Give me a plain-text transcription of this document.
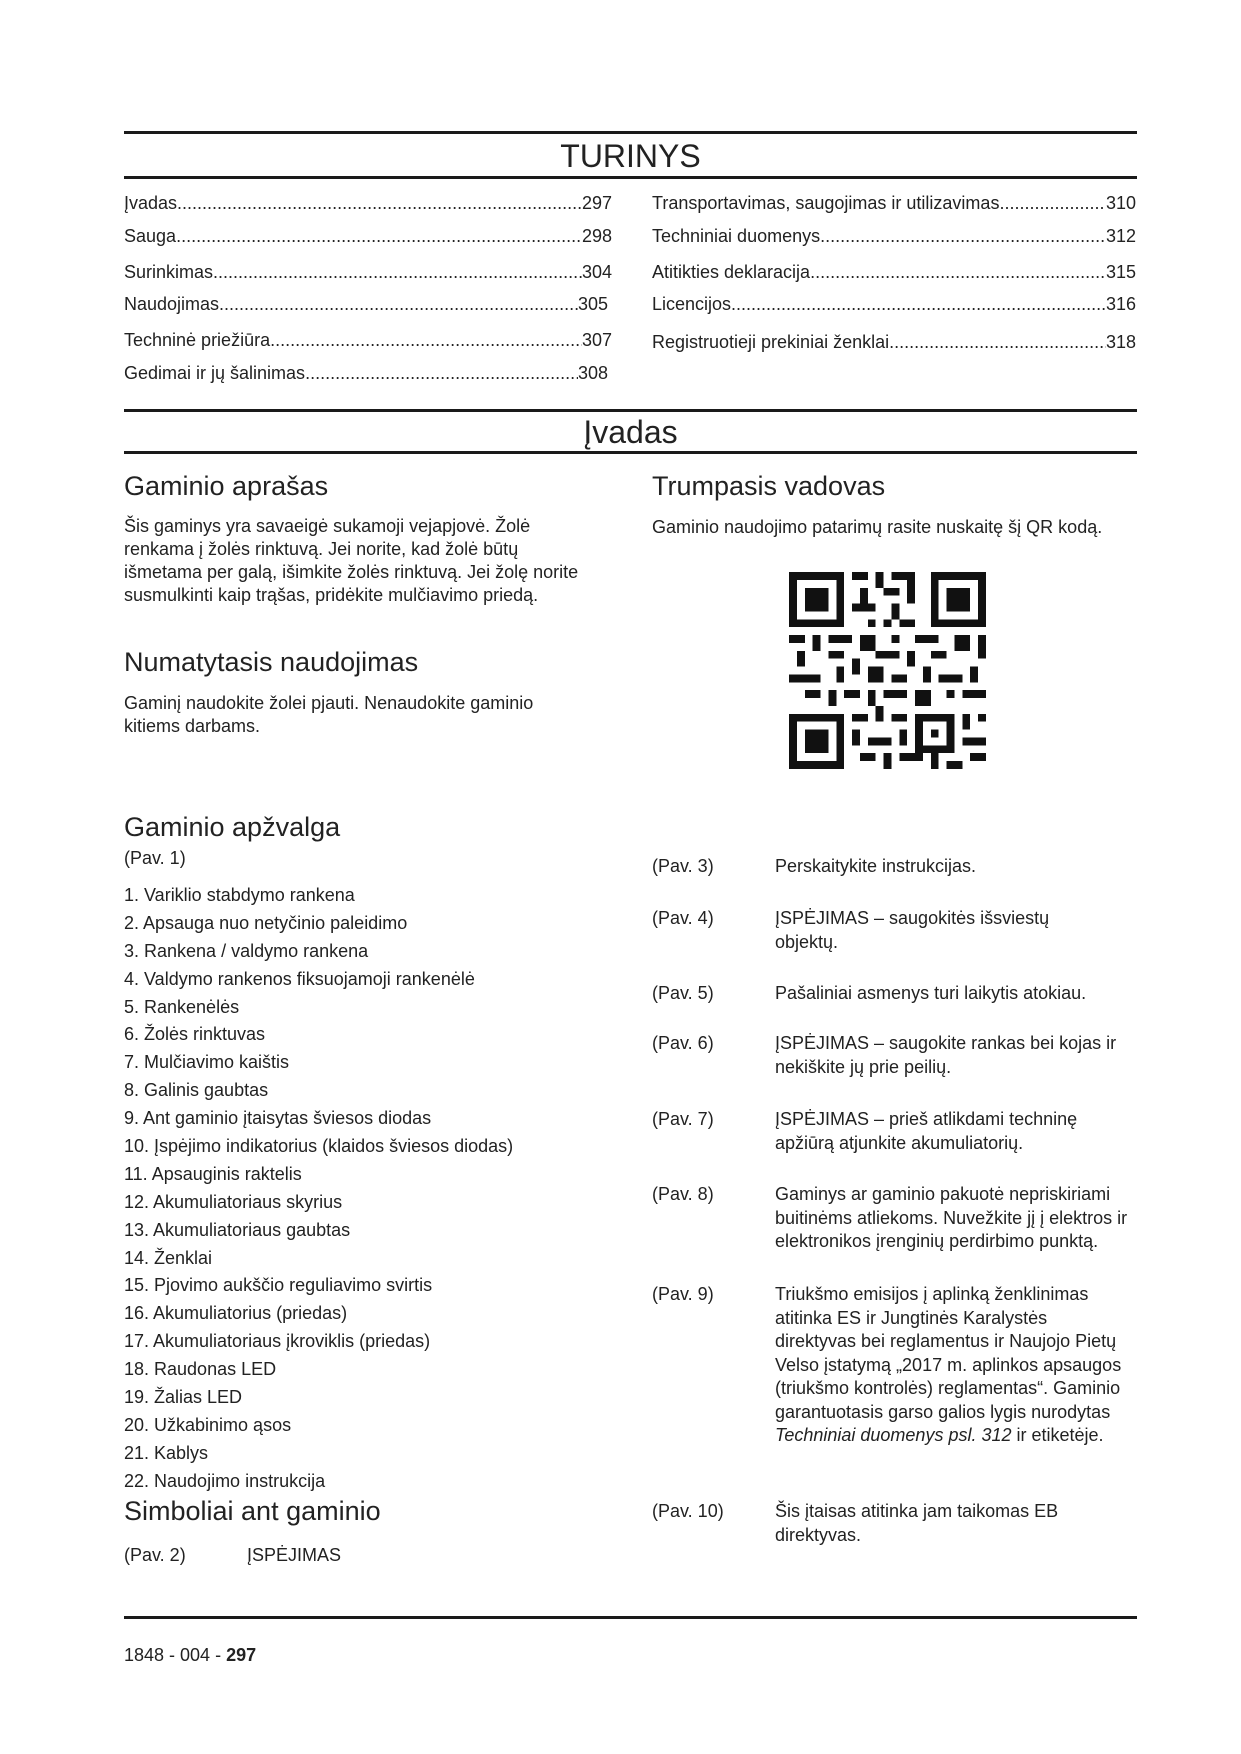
TURINYS
Įvadas .....	297
Sauga .....	298
Surinkimas .....	304
Naudojimas .....	305
Techninė priežiūra .....	307
Gedimai ir jų šalinimas .....	308
Transportavimas, saugojimas ir utilizavimas .....	310
Techniniai duomenys .....	312
Atitikties deklaracija .....	315
Licencijos .....	316
Registruotieji prekiniai ženklai .....	318
Įvadas
Gaminio aprašas
Šis gaminys yra savaeigė sukamoji vejapjovė. Žolė renkama į žolės rinktuvą. Jei norite, kad žolė būtų išmetama per galą, išimkite žolės rinktuvą. Jei žolę norite susmulkinti kaip trąšas, pridėkite mulčiavimo priedą.
Numatytasis naudojimas
Gaminį naudokite žolei pjauti. Nenaudokite gaminio kitiems darbams.
Trumpasis vadovas
Gaminio naudojimo patarimų rasite nuskaitę šį QR kodą.
Gaminio apžvalga
(Pav. 1)
1. Variklio stabdymo rankena
2. Apsauga nuo netyčinio paleidimo
3. Rankena / valdymo rankena
4. Valdymo rankenos fiksuojamoji rankenėlė
5. Rankenėlės
6. Žolės rinktuvas
7. Mulčiavimo kaištis
8. Galinis gaubtas
9. Ant gaminio įtaisytas šviesos diodas
10. Įspėjimo indikatorius (klaidos šviesos diodas)
11. Apsauginis raktelis
12. Akumuliatoriaus skyrius
13. Akumuliatoriaus gaubtas
14. Ženklai
15. Pjovimo aukščio reguliavimo svirtis
16. Akumuliatorius (priedas)
17. Akumuliatoriaus įkroviklis (priedas)
18. Raudonas LED
19. Žalias LED
20. Užkabinimo ąsos
21. Kablys
22. Naudojimo instrukcija
Simboliai ant gaminio
(Pav. 2)	ĮSPĖJIMAS
(Pav. 3)	Perskaitykite instrukcijas.
(Pav. 4)	ĮSPĖJIMAS – saugokitės išsviestų objektų.
(Pav. 5)	Pašaliniai asmenys turi laikytis atokiau.
(Pav. 6)	ĮSPĖJIMAS – saugokite rankas bei kojas ir nekiškite jų prie peilių.
(Pav. 7)	ĮSPĖJIMAS – prieš atlikdami techninę apžiūrą atjunkite akumuliatorių.
(Pav. 8)	Gaminys ar gaminio pakuotė nepriskiriami buitinėms atliekoms. Nuvežkite jį į elektros ir elektronikos įrenginių perdirbimo punktą.
(Pav. 9)	Triukšmo emisijos į aplinką ženklinimas atitinka ES ir Jungtinės Karalystės direktyvas bei reglamentus ir Naujojo Pietų Velso įstatymą „2017 m. aplinkos apsaugos (triukšmo kontrolės) reglamentas“. Gaminio garantuotasis garso galios lygis nurodytas Techniniai duomenys psl. 312 ir etiketėje.
(Pav. 10)	Šis įtaisas atitinka jam taikomas EB direktyvas.
1848 - 004 - 297
